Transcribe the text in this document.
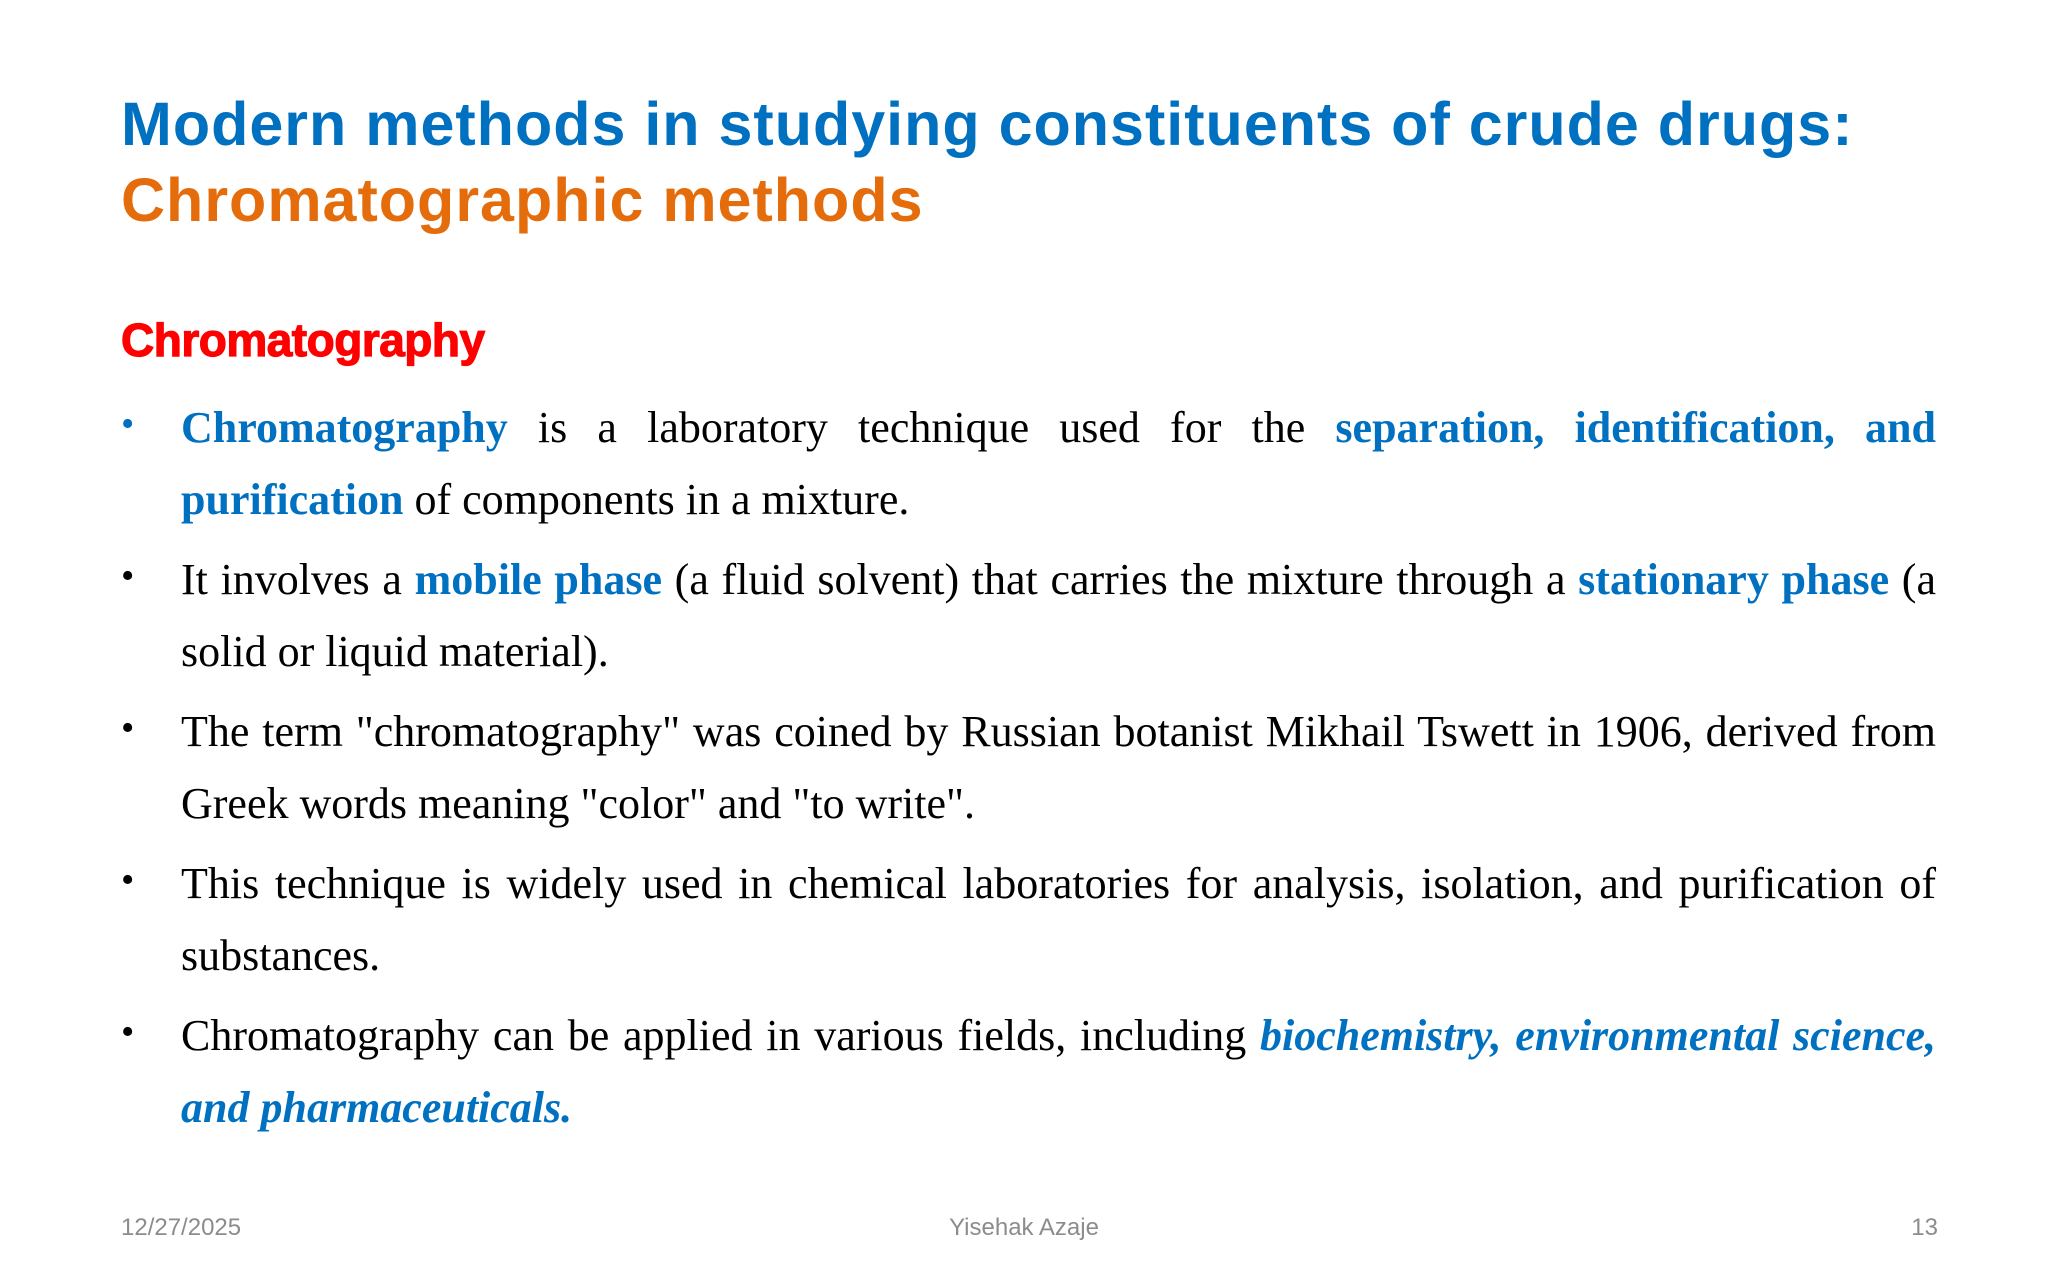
Modern methods in studying constituents of crude drugs: Chromatographic methods
Chromatography
• Chromatography is a laboratory technique used for the separation, identification, and purification of components in a mixture.
• It involves a mobile phase (a fluid solvent) that carries the mixture through a stationary phase (a solid or liquid material).
• The term "chromatography" was coined by Russian botanist Mikhail Tswett in 1906, derived from Greek words meaning "color" and "to write".
• This technique is widely used in chemical laboratories for analysis, isolation, and purification of substances.
• Chromatography can be applied in various fields, including biochemistry, environmental science, and pharmaceuticals.
12/27/2025	Yisehak Azaje	13
